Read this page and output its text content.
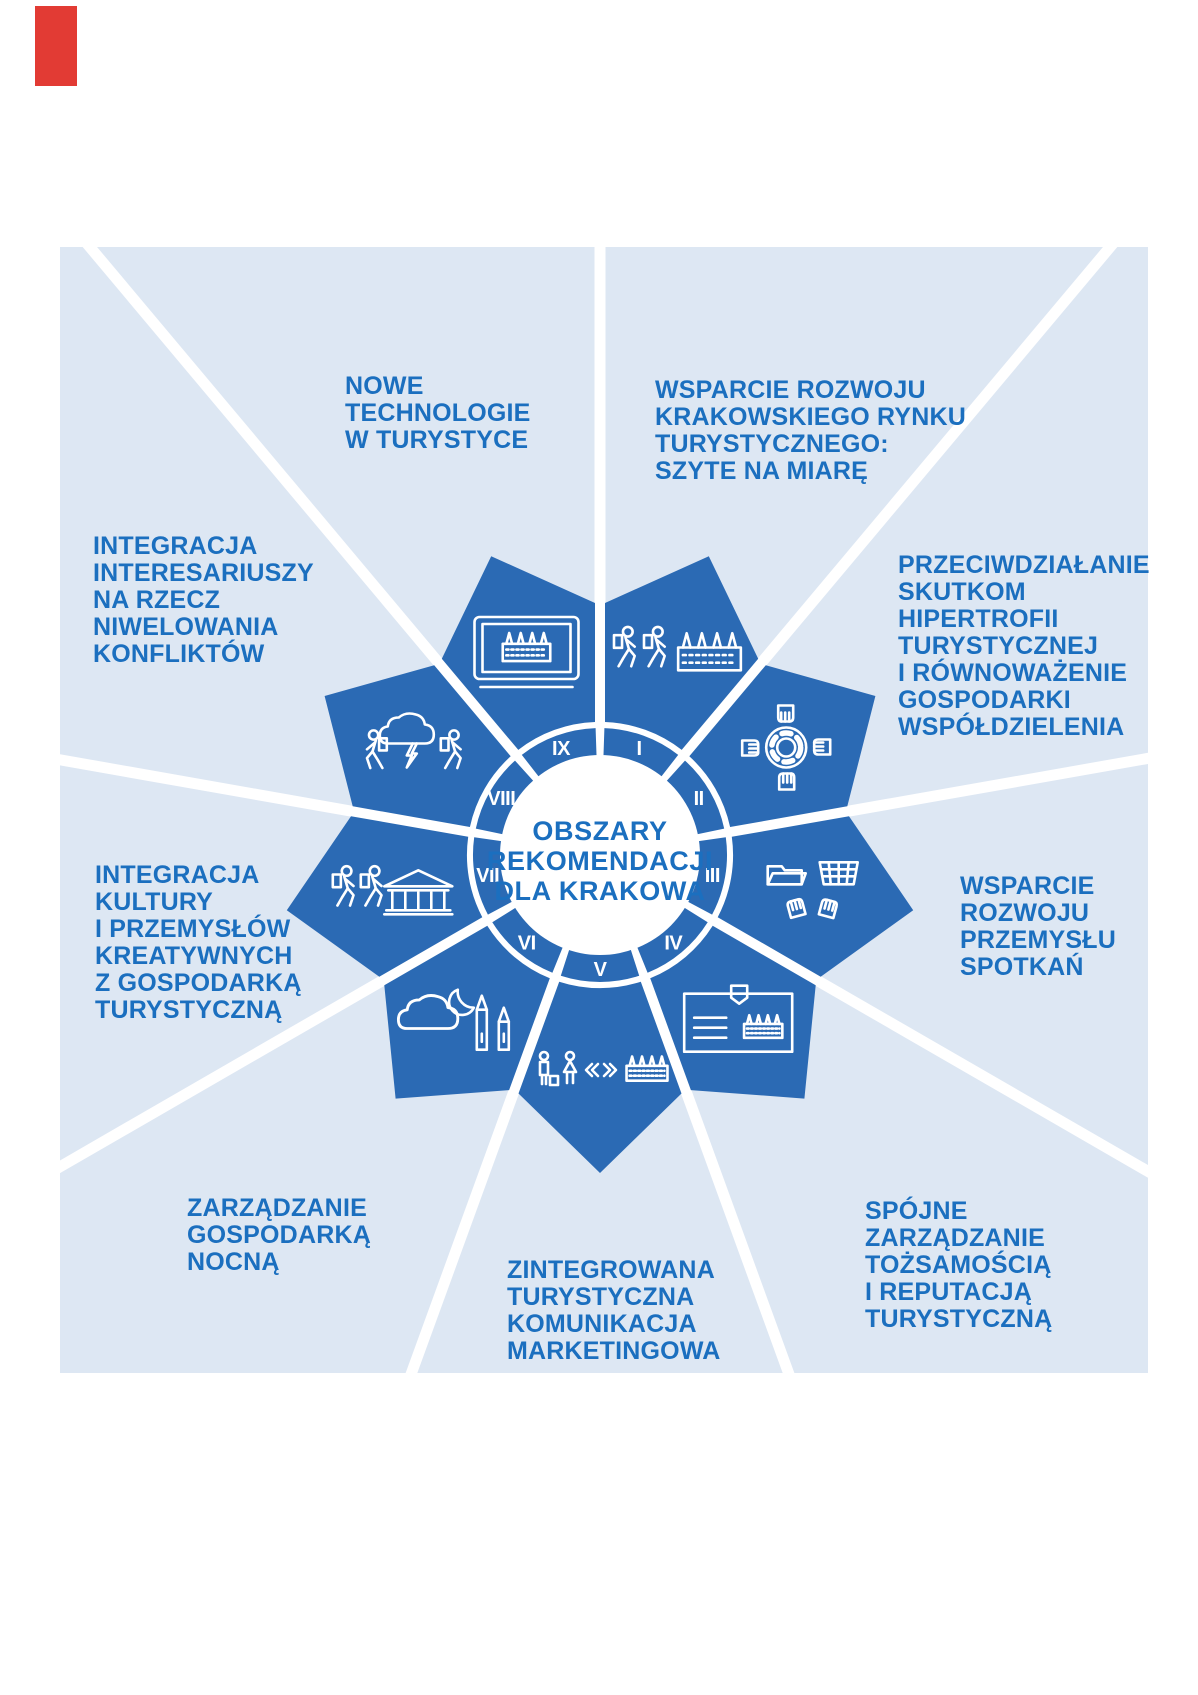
I
II
III
IV
V
VI
VII
VIII
IX
WSPARCIE ROZWOJU
KRAKOWSKIEGO RYNKU
TURYSTYCZNEGO:
SZYTE NA MIARĘ
PRZECIWDZIAŁANIE
SKUTKOM
HIPERTROFII
TURYSTYCZNEJ
I RÓWNOWAŻENIE
GOSPODARKI
WSPÓŁDZIELENIA
WSPARCIE
ROZWOJU
PRZEMYSŁU
SPOTKAŃ
SPÓJNE
ZARZĄDZANIE
TOŻSAMOŚCIĄ
I REPUTACJĄ
TURYSTYCZNĄ
ZINTEGROWANA
TURYSTYCZNA
KOMUNIKACJA
MARKETINGOWA
ZARZĄDZANIE
GOSPODARKĄ
NOCNĄ
INTEGRACJA
KULTURY
I PRZEMYSŁÓW
KREATYWNYCH
Z GOSPODARKĄ
TURYSTYCZNĄ
INTEGRACJA
INTERESARIUSZY
NA RZECZ
NIWELOWANIA
KONFLIKTÓW
NOWE
TECHNOLOGIE
W TURYSTYCE
OBSZARY
REKOMENDACJI
DLA KRAKOWA
